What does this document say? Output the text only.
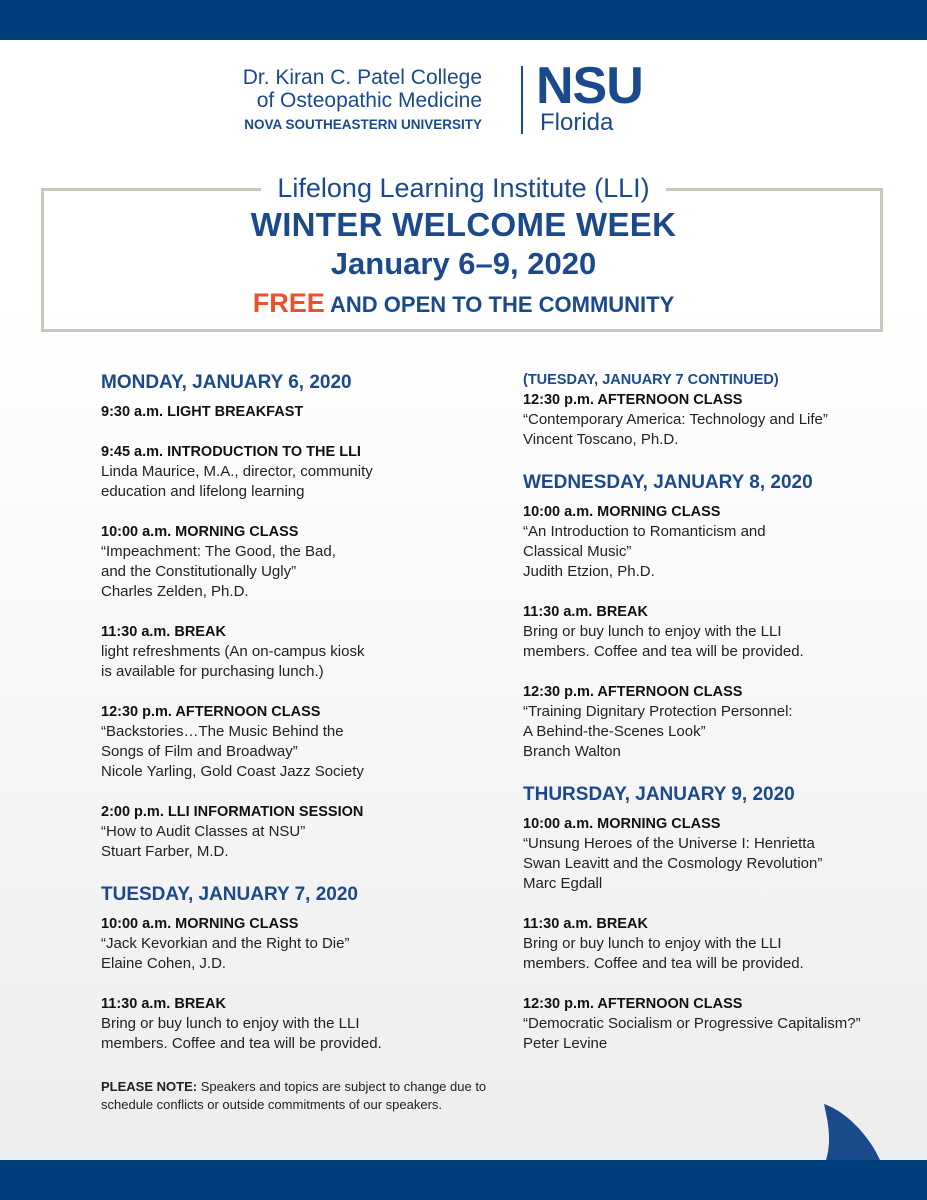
Dr. Kiran C. Patel College
of Osteopathic Medicine
NOVA SOUTHEASTERN UNIVERSITY
NSU
Florida
Lifelong Learning Institute (LLI)
WINTER WELCOME WEEK
January 6–9, 2020
FREE AND OPEN TO THE COMMUNITY
MONDAY, JANUARY 6, 2020
9:30 a.m. LIGHT BREAKFAST
9:45 a.m. INTRODUCTION TO THE LLI
Linda Maurice, M.A., director, community
education and lifelong learning
10:00 a.m. MORNING CLASS
“Impeachment: The Good, the Bad,
and the Constitutionally Ugly”
Charles Zelden, Ph.D.
11:30 a.m. BREAK
light refreshments (An on-campus kiosk
is available for purchasing lunch.)
12:30 p.m. AFTERNOON CLASS
“Backstories…The Music Behind the
Songs of Film and Broadway”
Nicole Yarling, Gold Coast Jazz Society
2:00 p.m. LLI INFORMATION SESSION
“How to Audit Classes at NSU”
Stuart Farber, M.D.
TUESDAY, JANUARY 7, 2020
10:00 a.m. MORNING CLASS
“Jack Kevorkian and the Right to Die”
Elaine Cohen, J.D.
11:30 a.m. BREAK
Bring or buy lunch to enjoy with the LLI
members. Coffee and tea will be provided.
(TUESDAY, JANUARY 7 CONTINUED)
12:30 p.m. AFTERNOON CLASS
“Contemporary America: Technology and Life”
Vincent Toscano, Ph.D.
WEDNESDAY, JANUARY 8, 2020
10:00 a.m. MORNING CLASS
“An Introduction to Romanticism and
Classical Music”
Judith Etzion, Ph.D.
11:30 a.m. BREAK
Bring or buy lunch to enjoy with the LLI
members. Coffee and tea will be provided.
12:30 p.m. AFTERNOON CLASS
“Training Dignitary Protection Personnel:
A Behind-the-Scenes Look”
Branch Walton
THURSDAY, JANUARY 9, 2020
10:00 a.m. MORNING CLASS
“Unsung Heroes of the Universe I: Henrietta
Swan Leavitt and the Cosmology Revolution”
Marc Egdall
11:30 a.m. BREAK
Bring or buy lunch to enjoy with the LLI
members. Coffee and tea will be provided.
12:30 p.m. AFTERNOON CLASS
“Democratic Socialism or Progressive Capitalism?”
Peter Levine
PLEASE NOTE: Speakers and topics are subject to change due to schedule conflicts or outside commitments of our speakers.
